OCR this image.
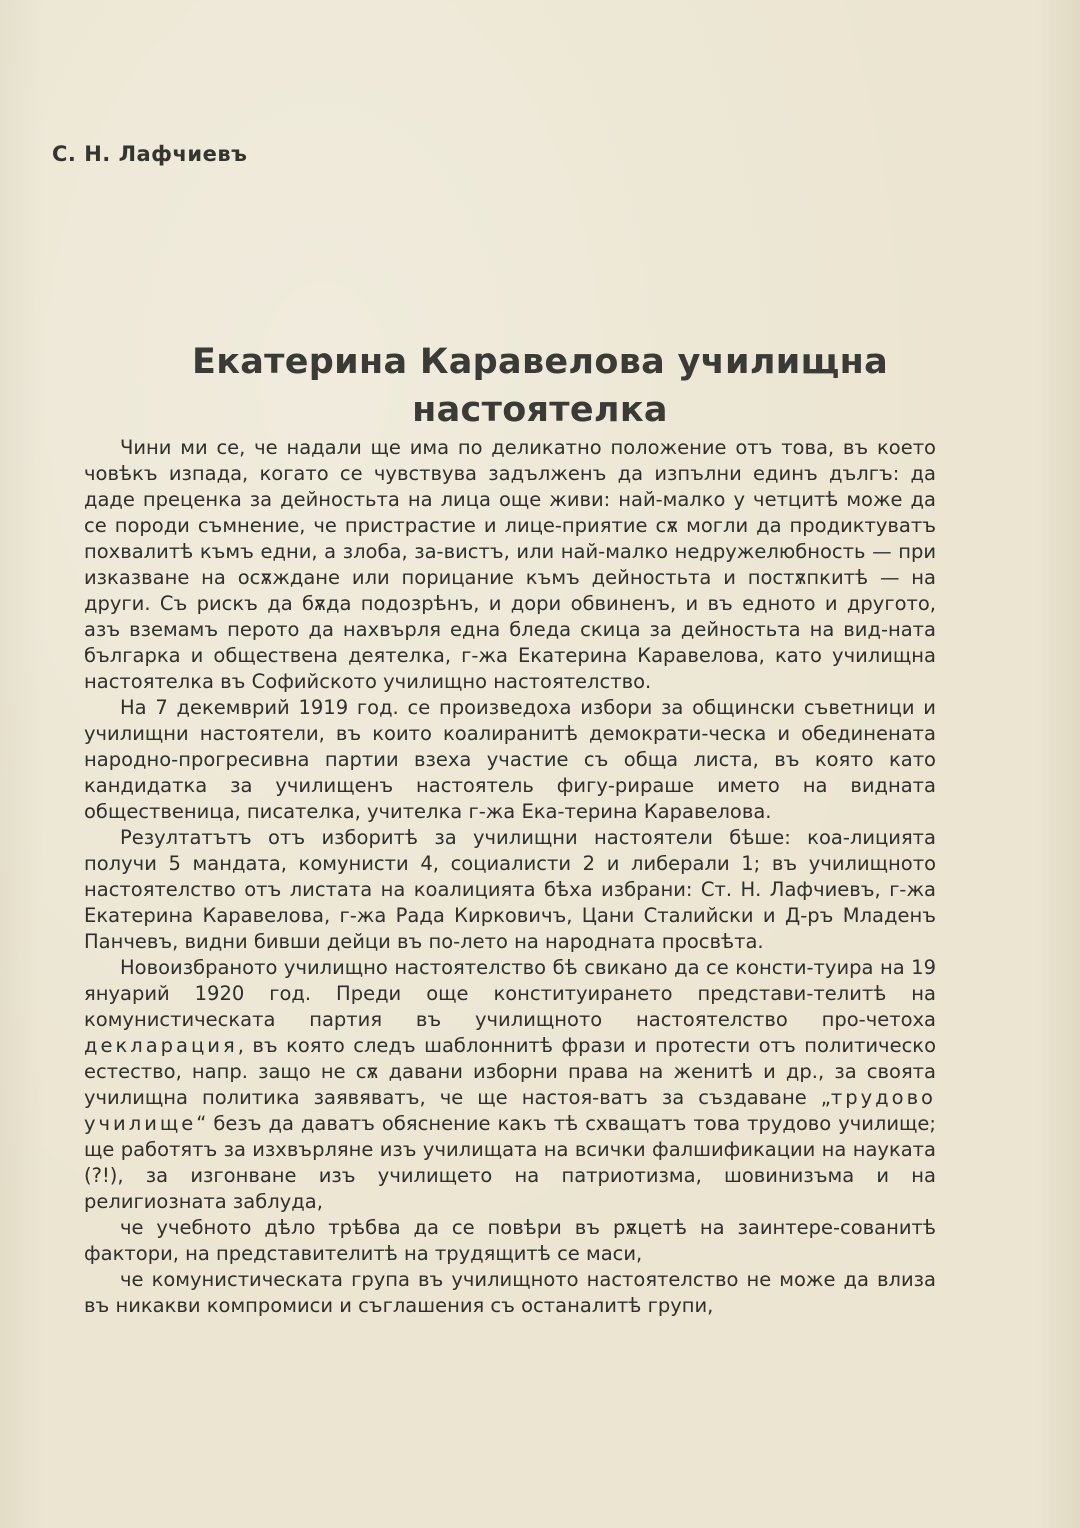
С. Н. Лафчиевъ

Екатерина Каравелова училищна
настоятелка

Чини ми се, че надали ще има по деликатно положение отъ това, въ което човѣкъ изпада, когато се чувствува задълженъ да изпълни единъ дългъ: да даде преценка за дейностьта на лица още живи: най-малко у четцитѣ може да се породи съмнение, че пристрастие и лице-приятие сѫ могли да продиктуватъ похвалитѣ къмъ едни, а злоба, за-вистъ, или най-малко недружелюбность — при изказване на осѫждане или порицание къмъ дейностьта и постѫпкитѣ — на други. Съ рискъ да бѫда подозрѣнъ, и дори обвиненъ, и въ едното и другото, азъ вземамъ перото да нахвърля една бледа скица за дейностьта на вид-ната българка и обществена деятелка, г-жа Екатерина Каравелова, като училищна настоятелка въ Софийското училищно настоятелство.

На 7 декемврий 1919 год. се произведоха избори за общински съветници и училищни настоятели, въ които коалиранитѣ демократи-ческа и обединената народно-прогресивна партии взеха участие съ обща листа, въ която като кандидатка за училищенъ настоятель фигу-рираше името на видната общественица, писателка, учителка г-жа Ека-терина Каравелова.

Резултатътъ отъ изборитѣ за училищни настоятели бѣше: коа-лицията получи 5 мандата, комунисти 4, социалисти 2 и либерали 1; въ училищното настоятелство отъ листата на коалицията бѣха избрани: Ст. Н. Лафчиевъ, г-жа Екатерина Каравелова, г-жа Рада Кирковичъ, Цани Сталийски и Д-ръ Младенъ Панчевъ, видни бивши дейци въ по-лето на народната просвѣта.

Новоизбраното училищно настоятелство бѣ свикано да се консти-туира на 19 януарий 1920 год. Преди още конституирането представи-телитѣ на комунистическата партия въ училищното настоятелство про-четоха декларация, въ която следъ шаблоннитѣ фрази и протести отъ политическо естество, напр. защо не сѫ давани изборни права на женитѣ и др., за своята училищна политика заявяватъ, че ще настоя-ватъ за създаване „трудово училище“ безъ да даватъ обяснение какъ тѣ схващатъ това трудово училище; ще работятъ за изхвърляне изъ училищата на всички фалшификации на науката (?!), за изгонване изъ училището на патриотизма, шовинизъма и на религиозната заблуда,

че учебното дѣло трѣбва да се повѣри въ рѫцетѣ на заинтере-сованитѣ фактори, на представителитѣ на трудящитѣ се маси,

че комунистическата група въ училищното настоятелство не може да влиза въ никакви компромиси и съглашения съ останалитѣ групи,
